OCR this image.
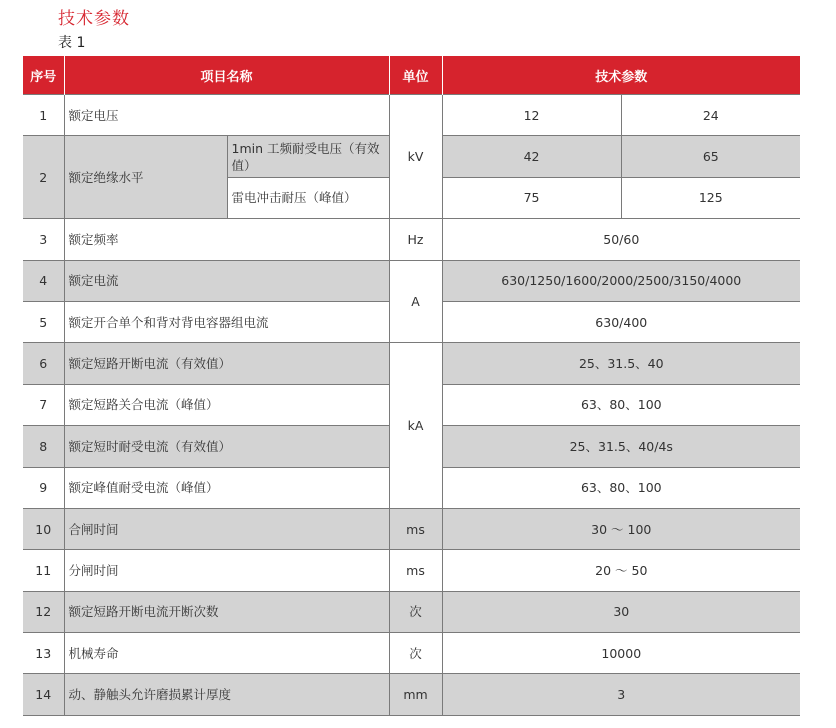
技术参数
表 1
序号	项目名称		单位	技术参数	
1	额定电压		kV	12	24
2	额定绝缘水平	1min 工频耐受电压（有效值）		42	65
		雷电冲击耐压（峰值）		75	125
3	额定频率		Hz	50/60	
4	额定电流		A	630/1250/1600/2000/2500/3150/4000	
5	额定开合单个和背对背电容器组电流			630/400	
6	额定短路开断电流（有效值）		kA	25、31.5、40	
7	额定短路关合电流（峰值）			63、80、100	
8	额定短时耐受电流（有效值）			25、31.5、40/4s	
9	额定峰值耐受电流（峰值）			63、80、100	
10	合闸时间		ms	30 ～ 100	
11	分闸时间		ms	20 ～ 50	
12	额定短路开断电流开断次数		次	30	
13	机械寿命		次	10000	
14	动、静触头允许磨损累计厚度		mm	3	
